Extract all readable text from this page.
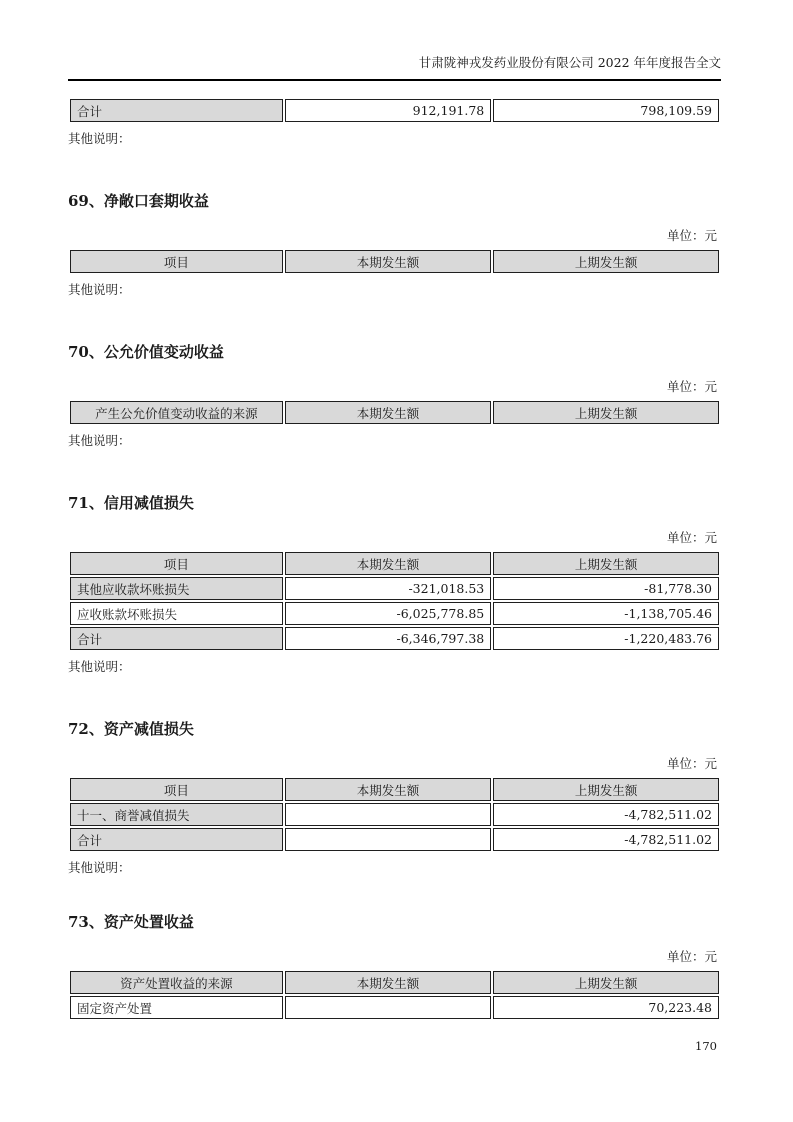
甘肃陇神戎发药业股份有限公司 2022 年年度报告全文
合计	912,191.78	798,109.59
其他说明：
69、净敞口套期收益
单位：元
项目	本期发生额	上期发生额
其他说明：
70、公允价值变动收益
单位：元
产生公允价值变动收益的来源	本期发生额	上期发生额
其他说明：
71、信用减值损失
单位：元
项目	本期发生额	上期发生额
其他应收款坏账损失	-321,018.53	-81,778.30
应收账款坏账损失	-6,025,778.85	-1,138,705.46
合计	-6,346,797.38	-1,220,483.76
其他说明：
72、资产减值损失
单位：元
项目	本期发生额	上期发生额
十一、商誉减值损失		-4,782,511.02
合计		-4,782,511.02
其他说明：
73、资产处置收益
单位：元
资产处置收益的来源	本期发生额	上期发生额
固定资产处置		70,223.48
170
